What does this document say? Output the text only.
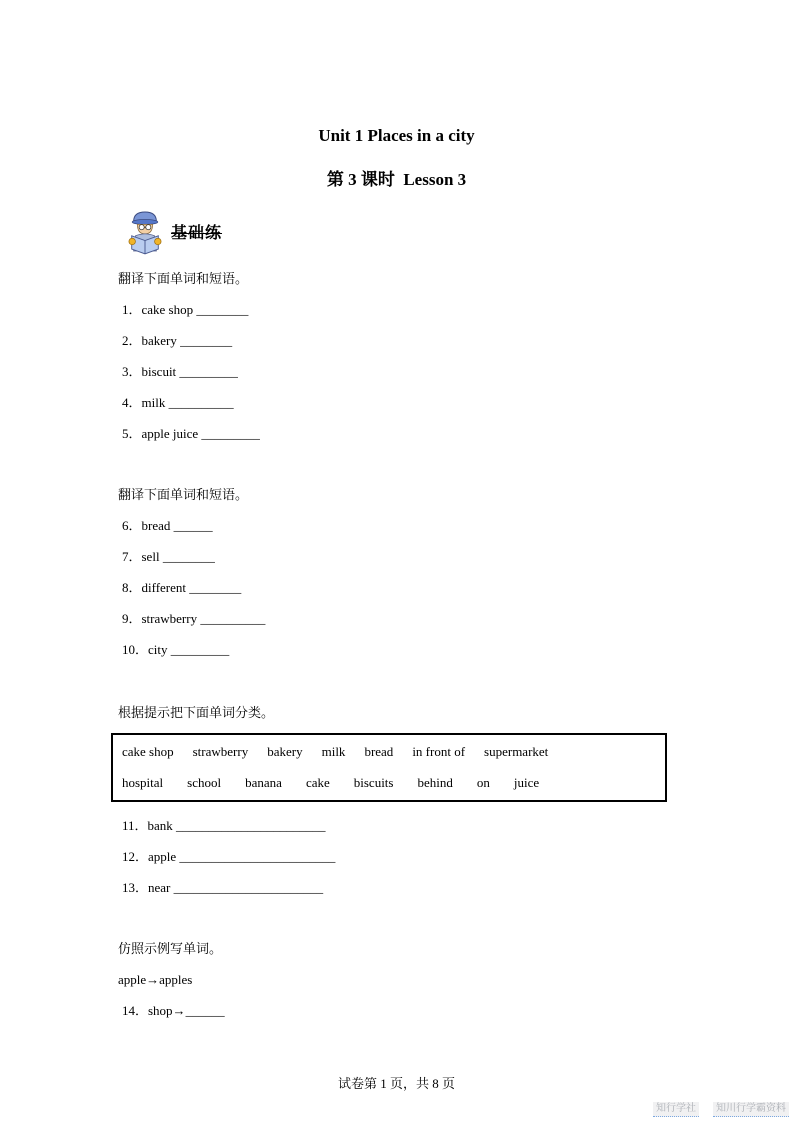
Unit 1 Places in a city
第 3 课时  Lesson 3
基础练
翻译下面单词和短语。
1．cake shop ________
2．bakery ________
3．biscuit _________
4．milk __________
5．apple juice _________
翻译下面单词和短语。
6．bread ______
7．sell ________
8．different ________
9．strawberry __________
10．city _________
根据提示把下面单词分类。
cake shop strawberry bakery milk bread in front of supermarket
hospital school banana cake biscuits behind on juice
11．bank _______________________
12．apple ________________________
13．near _______________________
仿照示例写单词。
apple→apples
14．shop→______
试卷第 1 页，共 8 页
知行学社	知川行学霸资料
